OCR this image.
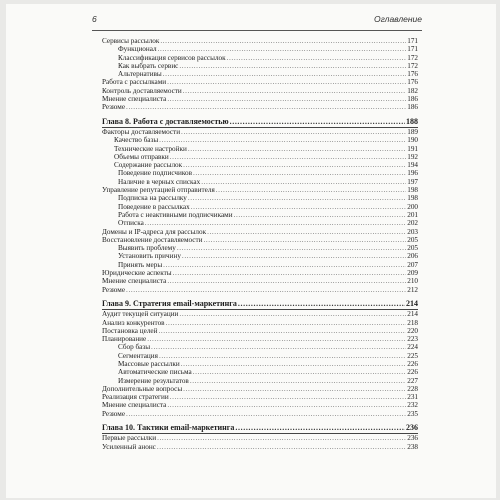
6	Оглавление
Сервисы рассылок .....	171
Функционал .....	171
Классификация сервисов рассылок .....	172
Как выбрать сервис .....	172
Альтернативы .....	176
Работа с рассылками .....	176
Контроль доставляемости .....	182
Мнение специалиста .....	186
Резюме .....	186
Глава 8. Работа с доставляемостью .....	188
Факторы доставляемости .....	189
Качество базы .....	190
Технические настройки .....	191
Объемы отправки .....	192
Содержание рассылок .....	194
Поведение подписчиков .....	196
Наличие в черных списках .....	197
Управление репутацией отправителя .....	198
Подписка на рассылку .....	198
Поведение в рассылках .....	200
Работа с неактивными подписчиками .....	201
Отписка .....	202
Домены и IP-адреса для рассылок .....	203
Восстановление доставляемости .....	205
Выявить проблему .....	205
Установить причину .....	206
Принять меры .....	207
Юридические аспекты .....	209
Мнение специалиста .....	210
Резюме .....	212
Глава 9. Стратегия email-маркетинга .....	214
Аудит текущей ситуации .....	214
Анализ конкурентов .....	218
Постановка целей .....	220
Планирование .....	223
Сбор базы .....	224
Сегментация .....	225
Массовые рассылки .....	226
Автоматические письма .....	226
Измерение результатов .....	227
Дополнительные вопросы .....	228
Реализация стратегии .....	231
Мнение специалиста .....	232
Резюме .....	235
Глава 10. Тактики email-маркетинга .....	236
Первые рассылки .....	236
Усиленный анонс .....	238
